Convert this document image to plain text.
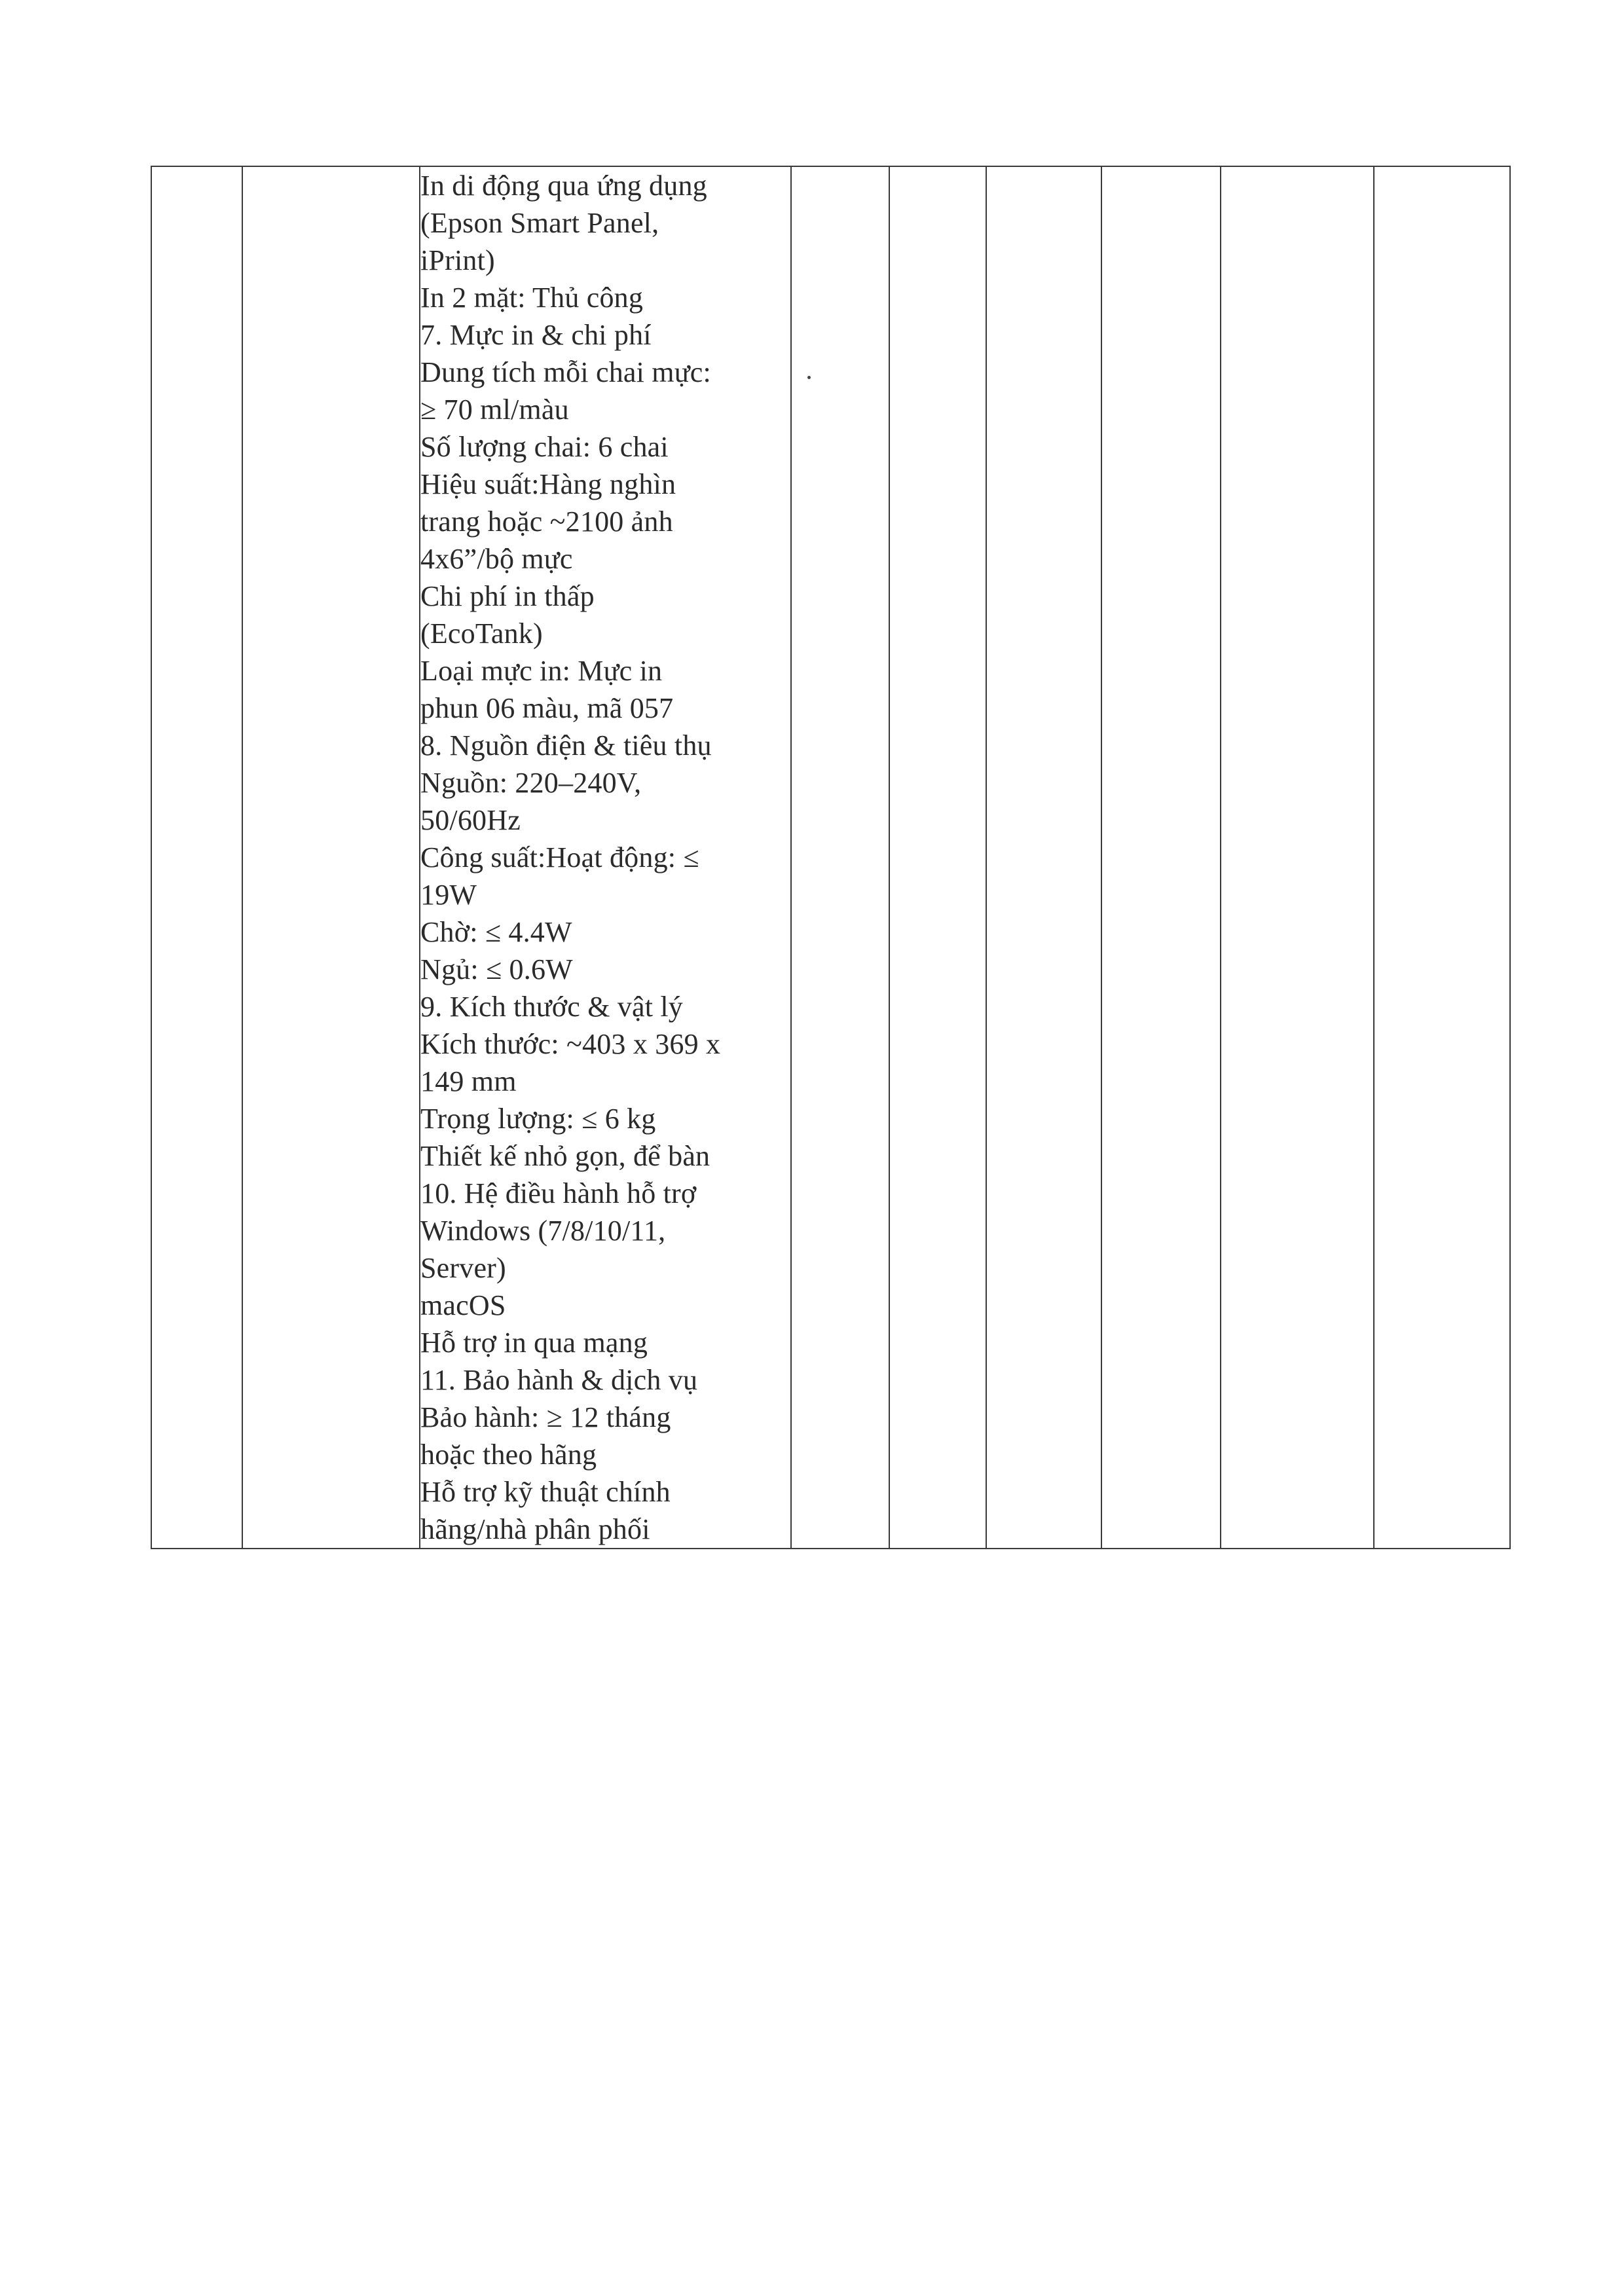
In di động qua ứng dụng
(Epson Smart Panel,
iPrint)
In 2 mặt: Thủ công
7. Mực in & chi phí
Dung tích mỗi chai mực:
≥ 70 ml/màu
Số lượng chai: 6 chai
Hiệu suất:Hàng nghìn
trang hoặc ~2100 ảnh
4x6”/bộ mực
Chi phí in thấp
(EcoTank)
Loại mực in: Mực in
phun 06 màu, mã 057
8. Nguồn điện & tiêu thụ
Nguồn: 220–240V,
50/60Hz
Công suất:Hoạt động: ≤
19W
Chờ: ≤ 4.4W
Ngủ: ≤ 0.6W
9. Kích thước & vật lý
Kích thước: ~403 x 369 x
149 mm
Trọng lượng: ≤ 6 kg
Thiết kế nhỏ gọn, để bàn
10. Hệ điều hành hỗ trợ
Windows (7/8/10/11,
Server)
macOS
Hỗ trợ in qua mạng
11. Bảo hành & dịch vụ
Bảo hành: ≥ 12 tháng
hoặc theo hãng
Hỗ trợ kỹ thuật chính
hãng/nhà phân phối
